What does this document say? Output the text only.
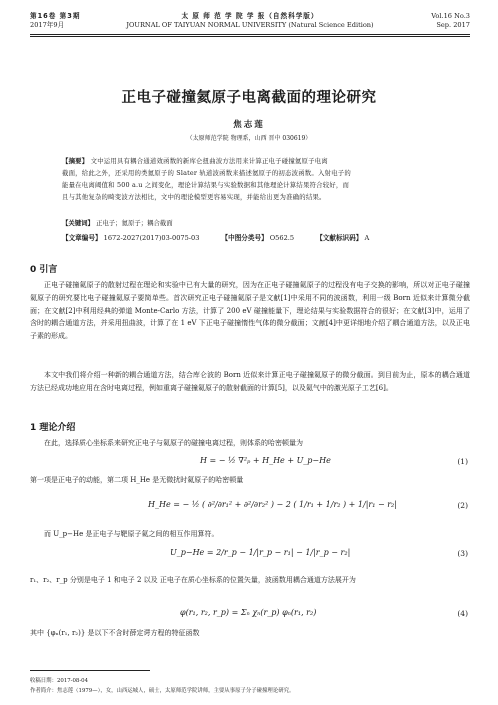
第16卷 第3期
2017年9月
太 原 师 范 学 院 学 报（自然科学版）
JOURNAL OF TAIYUAN NORMAL UNIVERSITY (Natural Science Edition)
Vol.16 No.3
Sep. 2017
正电子碰撞氦原子电离截面的理论研究
焦志莲
（太原师范学院 物理系，山西 晋中 030619）
【摘要】 文中运用具有耦合通道效函数的新库仑扭曲波方法用来计算正电子碰撞氦原子电离
截面，给此之外，还采用的类氦原子的 Slater 轨道波函数来描述氦原子的初态波函数。入射电子的
能量在电离阈值和 500 a.u 之间变化，理论计算结果与实验数据和其他理论计算结果符合较好，而
且与其他复杂的畸变波方法相比，文中的理论模型更容易实现，并能给出更为准确的结果。
【关键词】 正电子；氦原子；耦合截面
【文章编号】 1672-2027(2017)03-0075-03	【中图分类号】 O562.5	【文献标识码】 A
0 引言
正电子碰撞氦原子的散射过程在理论和实验中已有大量的研究，因为在正电子碰撞氦原子的过程没有电子交换的影响，所以对正电子碰撞氦原子的研究要比电子碰撞氦原子要简单些。首次研究正电子碰撞氦原子是文献[1]中采用不同的波函数，利用一级 Born 近似来计算微分截面；在文献[2]中利用经典的弹道 Monte-Carlo 方法，计算了 200 eV 碰撞能量下，理论结果与实验数据符合的很好；在文献[3]中，运用了含时的耦合通道方法，并采用扭曲波，计算了在 1 eV 下正电子碰撞惰性气体的微分截面；文献[4]中更详细地介绍了耦合通道方法，以及正电子素的形成。
本文中我们将介绍一种新的耦合通道方法，结合库仑波的 Born 近似来计算正电子碰撞氦原子的微分截面。到目前为止，原本的耦合通道方法已经成功地应用在含时电离过程，例如重离子碰撞氦原子的散射截面的计算[5]，以及氦气中的激光原子工艺[6]。
1 理论介绍
在此，选择质心坐标系来研究正电子与氦原子的碰撞电离过程，则体系的哈密顿量为
H = − ½ ∇²ₚ + H_He + U_p−He	(1)
第一项是正电子的动能，第二项 H_He 是无微扰时氦原子的哈密顿量
H_He = − ½ ( ∂²/∂r₁² + ∂²/∂r₂² ) − 2 ( 1/r₁ + 1/r₂ ) + 1/|r₁ − r₂|	(2)
而 U_p−He 是正电子与靶原子氦之间的相互作用算符。
U_p−He = 2/r_p − 1/|r_p − r₁| − 1/|r_p − r₂|	(3)
r₁、r₂、r_p 分别是电子 1 和电子 2 以及 正电子在质心坐标系的位置矢量，波函数用耦合通道方法展开为
φ(r₁, r₂, r_p) = Σₙ χₙ(r_p) φₙ(r₁, r₂)	(4)
其中 {φₙ(r₁, r₂)} 是以下不含时薛定谔方程的特征函数
收稿日期：2017-08-04
作者简介：焦志莲（1979—），女，山西运城人，硕士，太原师范学院讲师，主要从事原子分子碰撞理论研究。
